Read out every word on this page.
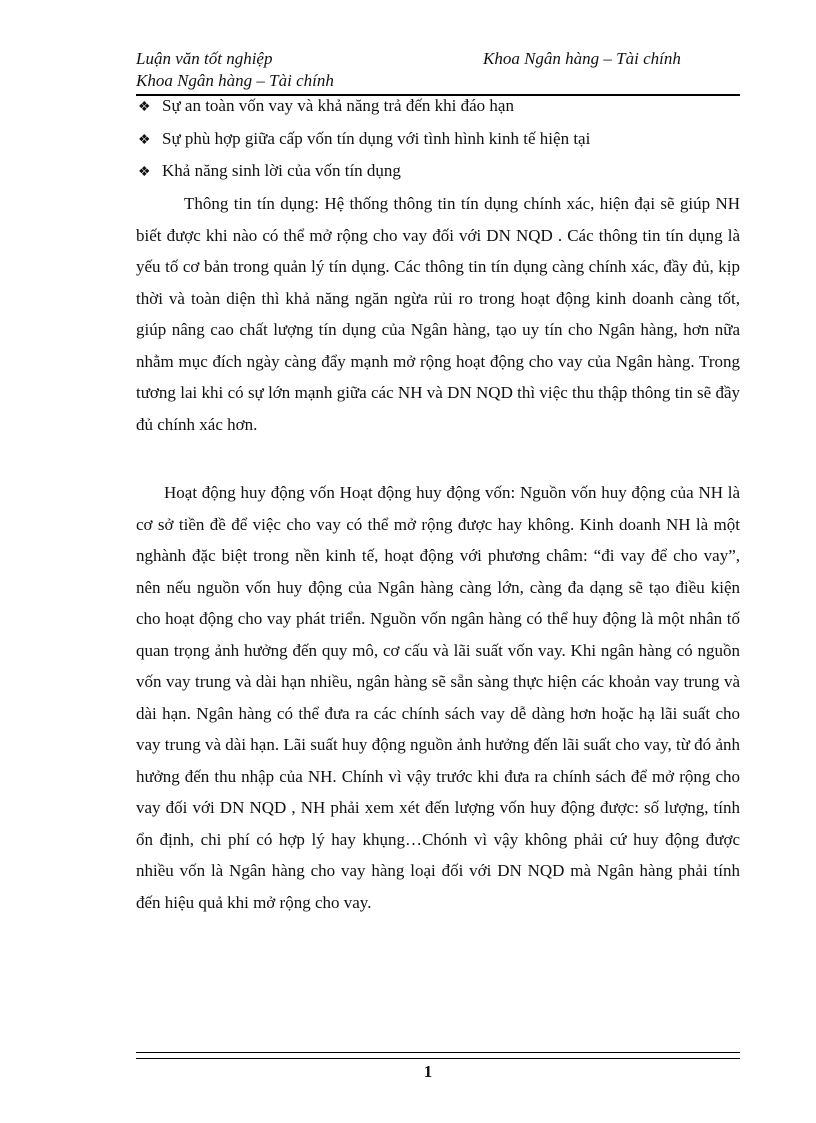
Luận văn tốt nghiệp	Khoa Ngân hàng – Tài chính
Khoa Ngân hàng – Tài chính
❖ Sự an toàn vốn vay và khả năng trả đến khi đáo hạn
❖ Sự phù hợp giữa cấp vốn tín dụng với tình hình kinh tế hiện tại
❖ Khả năng sinh lời của vốn tín dụng

Thông tin tín dụng: Hệ thống thông tin tín dụng chính xác, hiện đại sẽ giúp NH biết được khi nào có thể mở rộng cho vay đối với DN NQD . Các thông tin tín dụng là yếu tố cơ bản trong quản lý tín dụng. Các thông tin tín dụng càng chính xác, đầy đủ, kịp thời và toàn diện thì khả năng ngăn ngừa rủi ro trong hoạt động kinh doanh càng tốt, giúp nâng cao chất lượng tín dụng của Ngân hàng, tạo uy tín cho Ngân hàng, hơn nữa nhằm mục đích ngày càng đẩy mạnh mở rộng hoạt động cho vay của Ngân hàng. Trong tương lai khi có sự lớn mạnh giữa các NH và DN NQD thì việc thu thập thông tin sẽ đầy đủ chính xác hơn.

Hoạt động huy động vốn Hoạt động huy động vốn: Nguồn vốn huy động của NH là cơ sở tiền đề để việc cho vay có thể mở rộng được hay không. Kinh doanh NH là một nghành đặc biệt trong nền kinh tế, hoạt động với phương châm: “đi vay để cho vay”, nên nếu nguồn vốn huy động của Ngân hàng càng lớn, càng đa dạng sẽ tạo điều kiện cho hoạt động cho vay phát triển. Nguồn vốn ngân hàng có thể huy động là một nhân tố quan trọng ảnh hưởng đến quy mô, cơ cấu và lãi suất vốn vay. Khi ngân hàng có nguồn vốn vay trung và dài hạn nhiều, ngân hàng sẽ sẵn sàng thực hiện các khoản vay trung và dài hạn. Ngân hàng có thể đưa ra các chính sách vay dễ dàng hơn hoặc hạ lãi suất cho vay trung và dài hạn. Lãi suất huy động nguồn ảnh hưởng đến lãi suất cho vay, từ đó ảnh hưởng đến thu nhập của NH. Chính vì vậy trước khi đưa ra chính sách để mở rộng cho vay đối với DN NQD , NH phải xem xét đến lượng vốn huy động được: số lượng, tính ổn định, chi phí có hợp lý hay khụng…Chónh vì vậy không phải cứ huy động được nhiều vốn là Ngân hàng cho vay hàng loại đối với DN NQD mà Ngân hàng phải tính đến hiệu quả khi mở rộng cho vay.

1
